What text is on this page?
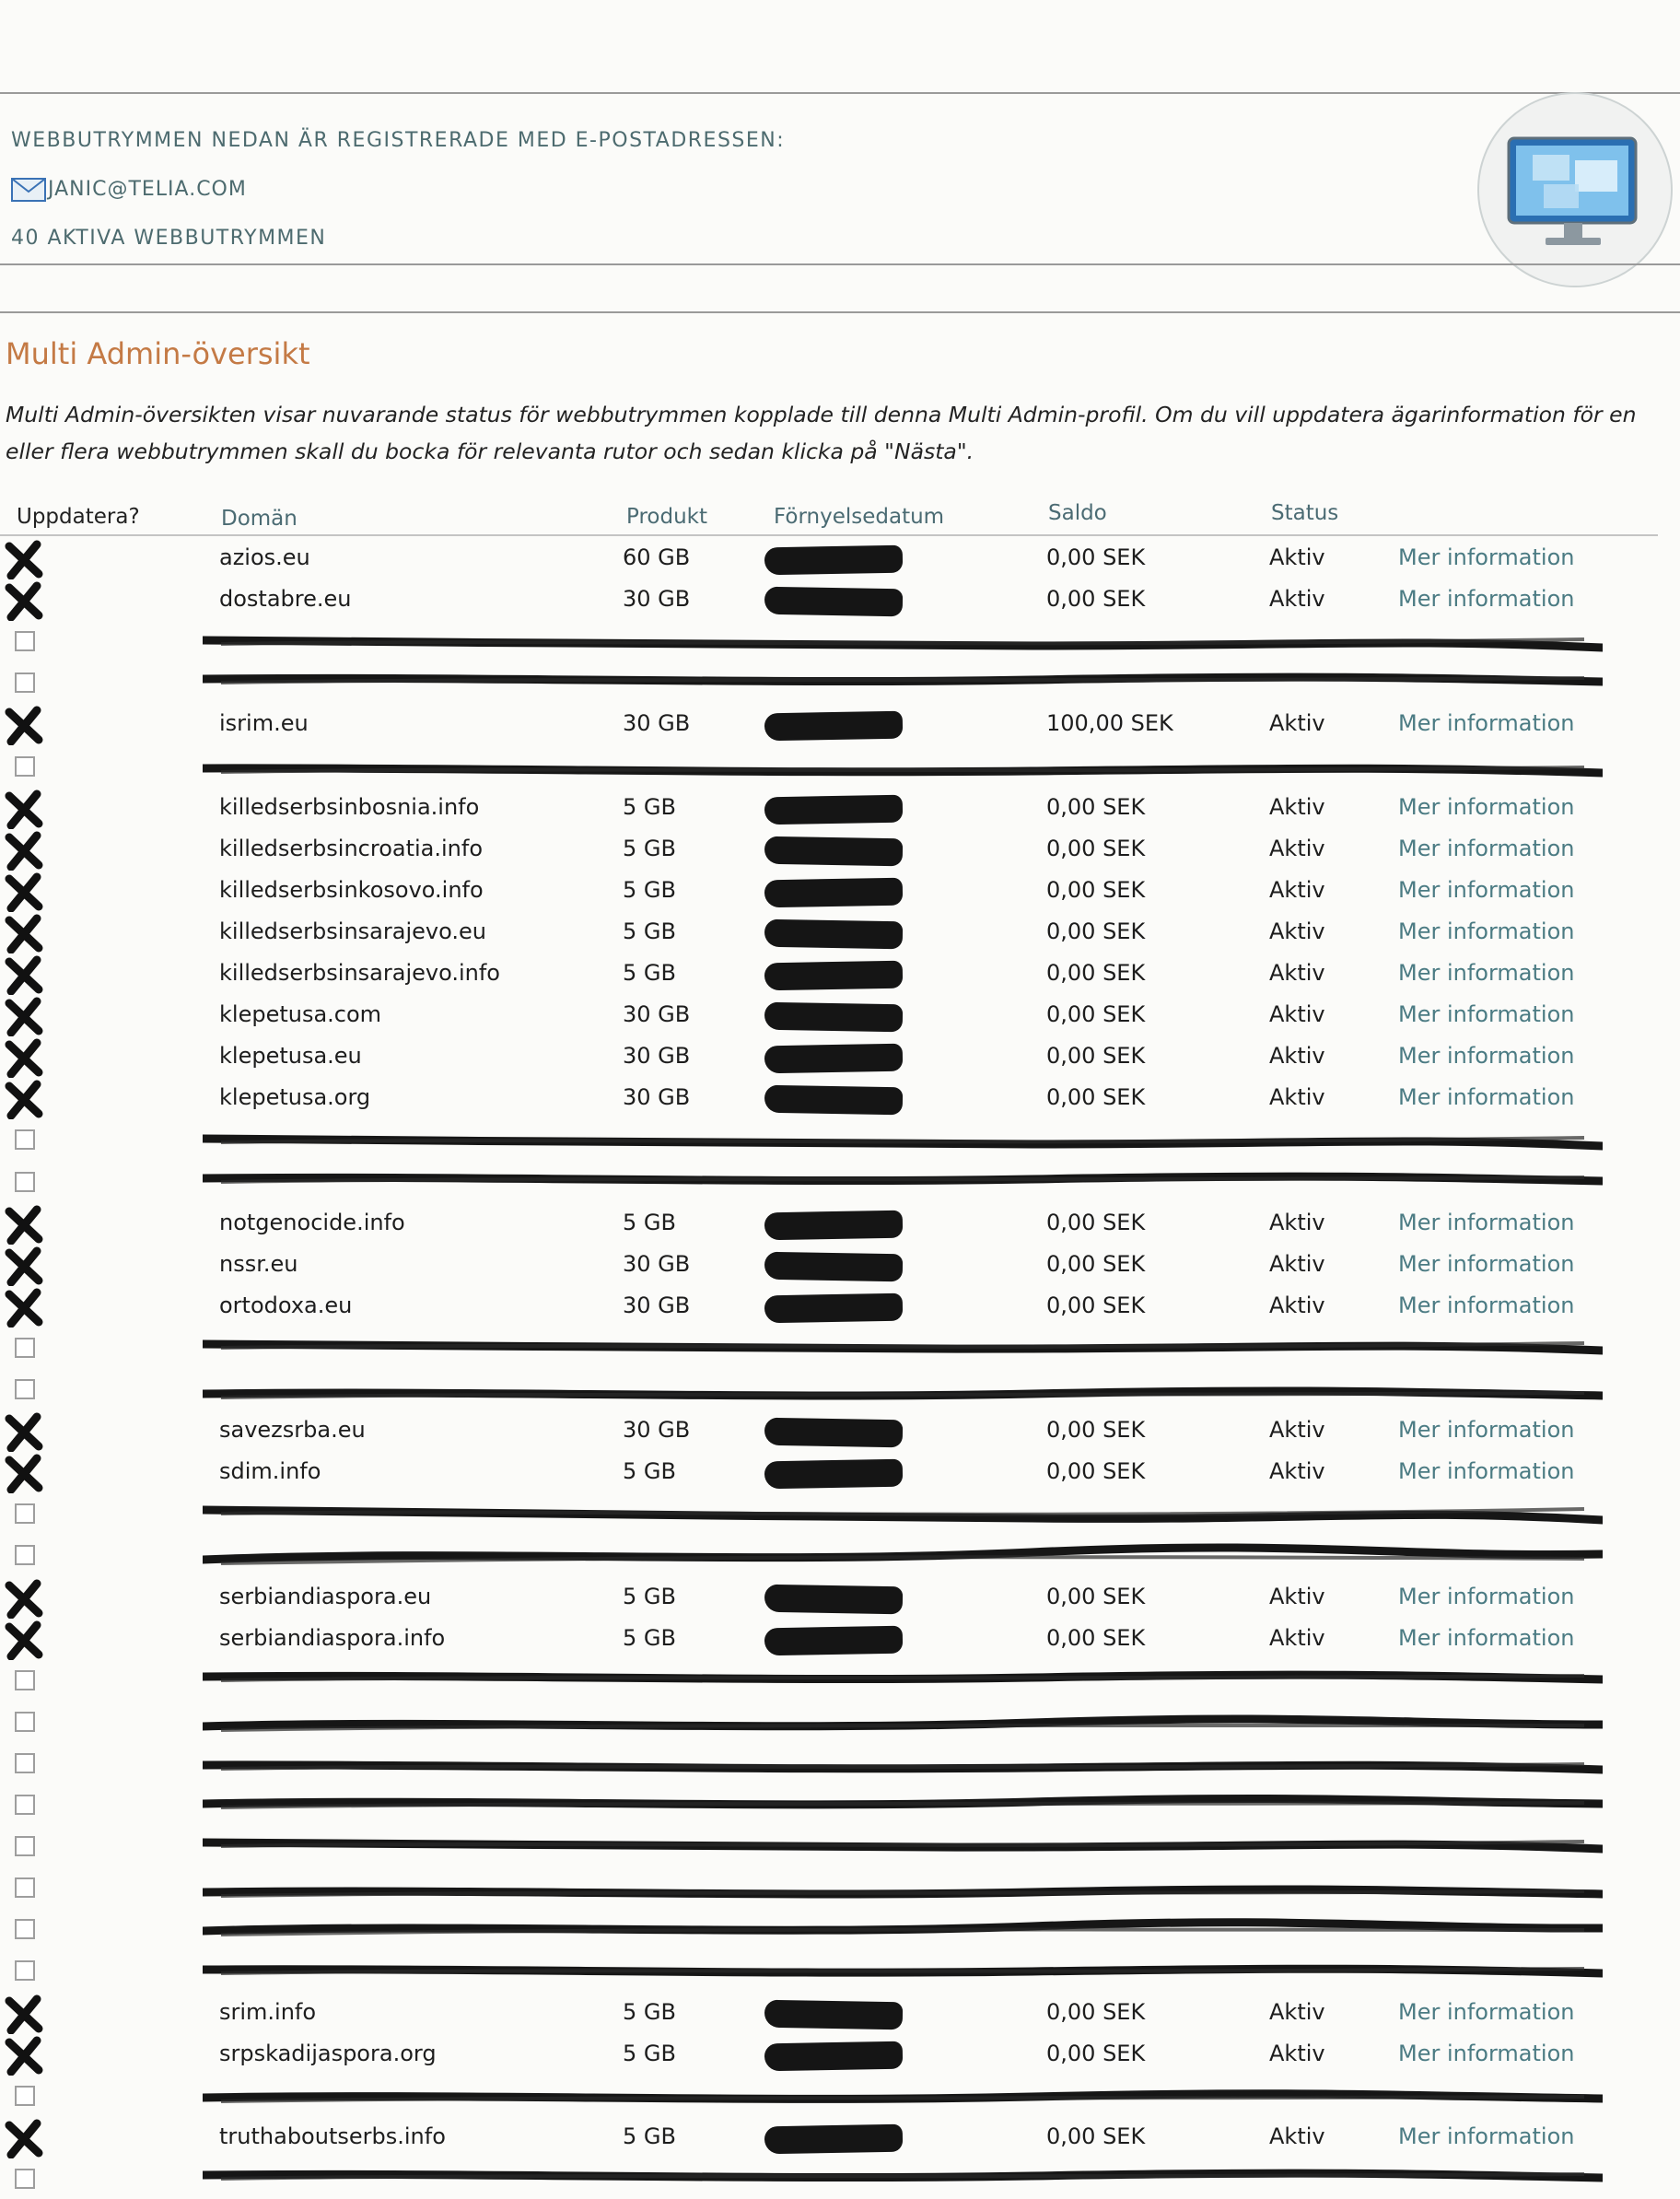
WEBBUTRYMMEN NEDAN ÄR REGISTRERADE MED E-POSTADRESSEN:
JANIC@TELIA.COM
40 AKTIVA WEBBUTRYMMEN
Multi Admin-översikt
Multi Admin-översikten visar nuvarande status för webbutrymmen kopplade till denna Multi Admin-profil. Om du vill uppdatera ägarinformation för en eller flera webbutrymmen skall du bocka för relevanta rutor och sedan klicka på "Nästa".
Uppdatera?	Domän	Produkt	Förnyelsedatum	Saldo	Status
azios.eu	60 GB	0,00 SEK	Aktiv	Mer information
dostabre.eu	30 GB	0,00 SEK	Aktiv	Mer information
isrim.eu	30 GB	100,00 SEK	Aktiv	Mer information
killedserbsinbosnia.info	5 GB	0,00 SEK	Aktiv	Mer information
killedserbsincroatia.info	5 GB	0,00 SEK	Aktiv	Mer information
killedserbsinkosovo.info	5 GB	0,00 SEK	Aktiv	Mer information
killedserbsinsarajevo.eu	5 GB	0,00 SEK	Aktiv	Mer information
killedserbsinsarajevo.info	5 GB	0,00 SEK	Aktiv	Mer information
klepetusa.com	30 GB	0,00 SEK	Aktiv	Mer information
klepetusa.eu	30 GB	0,00 SEK	Aktiv	Mer information
klepetusa.org	30 GB	0,00 SEK	Aktiv	Mer information
notgenocide.info	5 GB	0,00 SEK	Aktiv	Mer information
nssr.eu	30 GB	0,00 SEK	Aktiv	Mer information
ortodoxa.eu	30 GB	0,00 SEK	Aktiv	Mer information
savezsrba.eu	30 GB	0,00 SEK	Aktiv	Mer information
sdim.info	5 GB	0,00 SEK	Aktiv	Mer information
serbiandiaspora.eu	5 GB	0,00 SEK	Aktiv	Mer information
serbiandiaspora.info	5 GB	0,00 SEK	Aktiv	Mer information
srim.info	5 GB	0,00 SEK	Aktiv	Mer information
srpskadijaspora.org	5 GB	0,00 SEK	Aktiv	Mer information
truthaboutserbs.info	5 GB	0,00 SEK	Aktiv	Mer information
